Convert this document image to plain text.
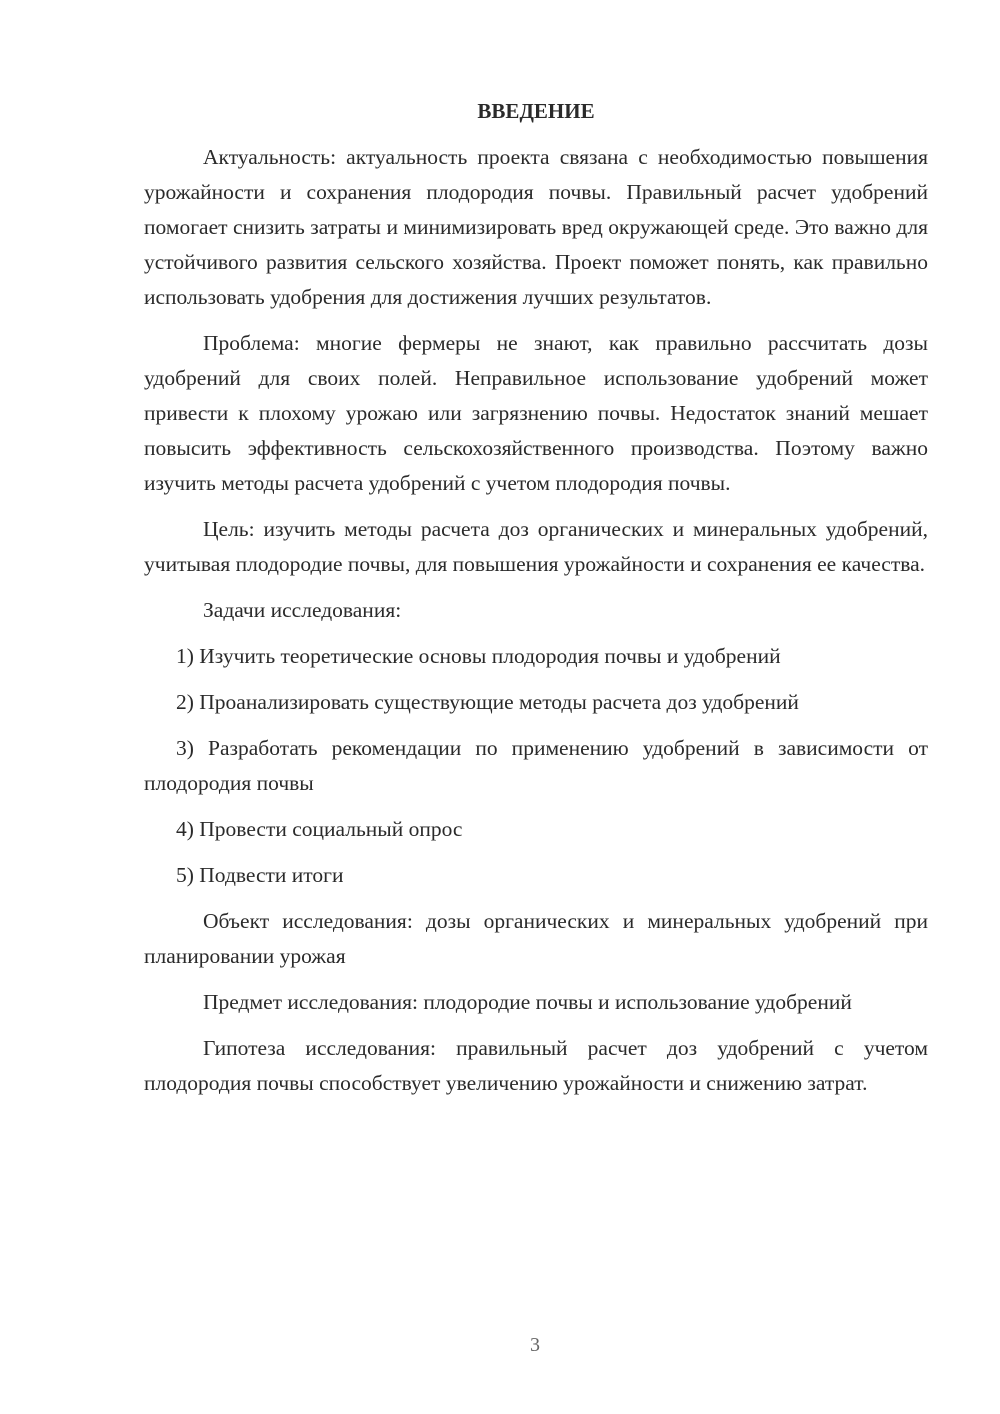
ВВЕДЕНИЕ

Актуальность: актуальность проекта связана с необходимостью повышения урожайности и сохранения плодородия почвы. Правильный расчет удобрений помогает снизить затраты и минимизировать вред окружающей среде. Это важно для устойчивого развития сельского хозяйства. Проект поможет понять, как правильно использовать удобрения для достижения лучших результатов.

Проблема: многие фермеры не знают, как правильно рассчитать дозы удобрений для своих полей. Неправильное использование удобрений может привести к плохому урожаю или загрязнению почвы. Недостаток знаний мешает повысить эффективность сельскохозяйственного производства. Поэтому важно изучить методы расчета удобрений с учетом плодородия почвы.

Цель: изучить методы расчета доз органических и минеральных удобрений, учитывая плодородие почвы, для повышения урожайности и сохранения ее качества.

Задачи исследования:

1) Изучить теоретические основы плодородия почвы и удобрений

2) Проанализировать существующие методы расчета доз удобрений

3) Разработать рекомендации по применению удобрений в зависимости от плодородия почвы

4) Провести социальный опрос

5) Подвести итоги

Объект исследования: дозы органических и минеральных удобрений при планировании урожая

Предмет исследования: плодородие почвы и использование удобрений

Гипотеза исследования: правильный расчет доз удобрений с учетом плодородия почвы способствует увеличению урожайности и снижению затрат.

3
